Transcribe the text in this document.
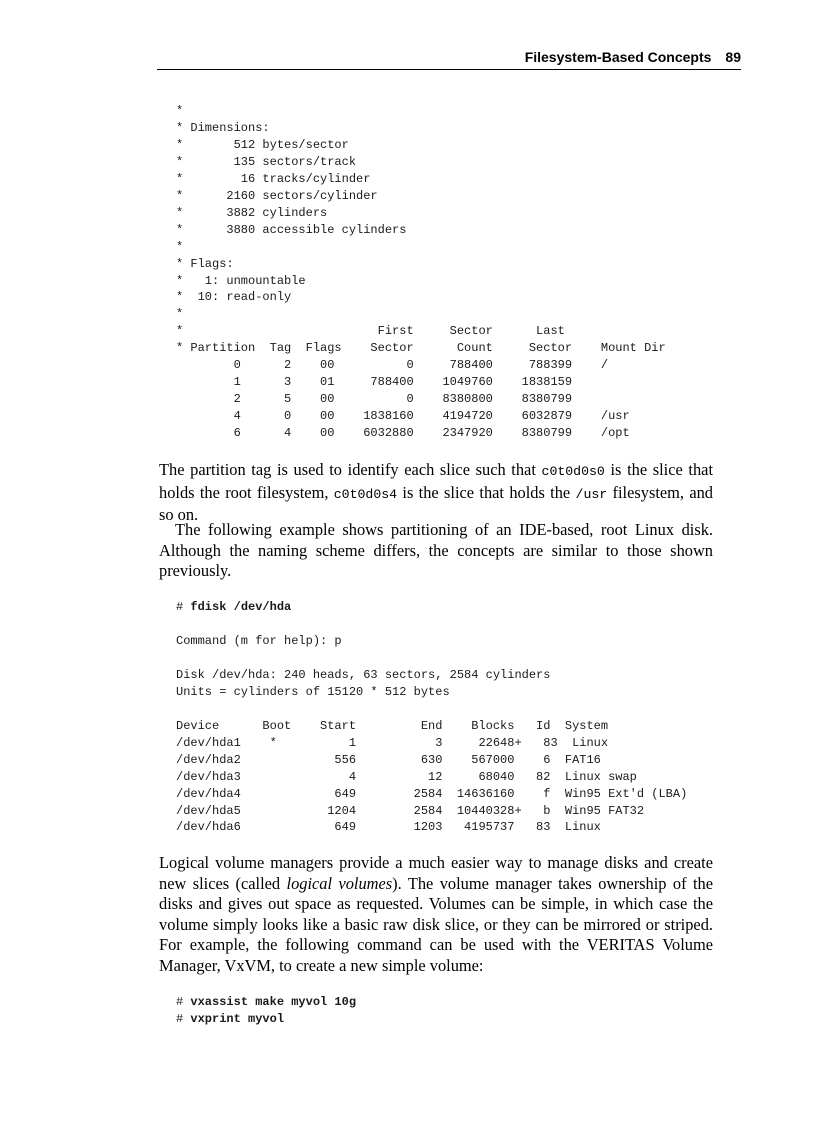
Filesystem-Based Concepts 89
*
* Dimensions:
*       512 bytes/sector
*       135 sectors/track
*        16 tracks/cylinder
*      2160 sectors/cylinder
*      3882 cylinders
*      3880 accessible cylinders
*
* Flags:
*   1: unmountable
*  10: read-only
*
*                           First     Sector      Last
* Partition  Tag  Flags    Sector      Count     Sector    Mount Dir
0      2    00          0     788400     788399    /
1      3    01     788400    1049760    1838159
2      5    00          0    8380800    8380799
4      0    00    1838160    4194720    6032879    /usr
6      4    00    6032880    2347920    8380799    /opt

The partition tag is used to identify each slice such that c0t0d0s0 is the slice that holds the root filesystem, c0t0d0s4 is the slice that holds the /usr filesystem, and so on.

The following example shows partitioning of an IDE-based, root Linux disk. Although the naming scheme differs, the concepts are similar to those shown previously.

# fdisk /dev/hda
Command (m for help): p

Disk /dev/hda: 240 heads, 63 sectors, 2584 cylinders
Units = cylinders of 15120 * 512 bytes

Device      Boot    Start         End    Blocks   Id  System
/dev/hda1    *          1           3     22648+   83  Linux
/dev/hda2             556         630    567000    6  FAT16
/dev/hda3               4          12     68040   82  Linux swap
/dev/hda4             649        2584  14636160    f  Win95 Ext'd (LBA)
/dev/hda5            1204        2584  10440328+   b  Win95 FAT32
/dev/hda6             649        1203   4195737   83  Linux

Logical volume managers provide a much easier way to manage disks and create new slices (called logical volumes). The volume manager takes ownership of the disks and gives out space as requested. Volumes can be simple, in which case the volume simply looks like a basic raw disk slice, or they can be mirrored or striped. For example, the following command can be used with the VERITAS Volume Manager, VxVM, to create a new simple volume:

# vxassist make myvol 10g
# vxprint myvol
